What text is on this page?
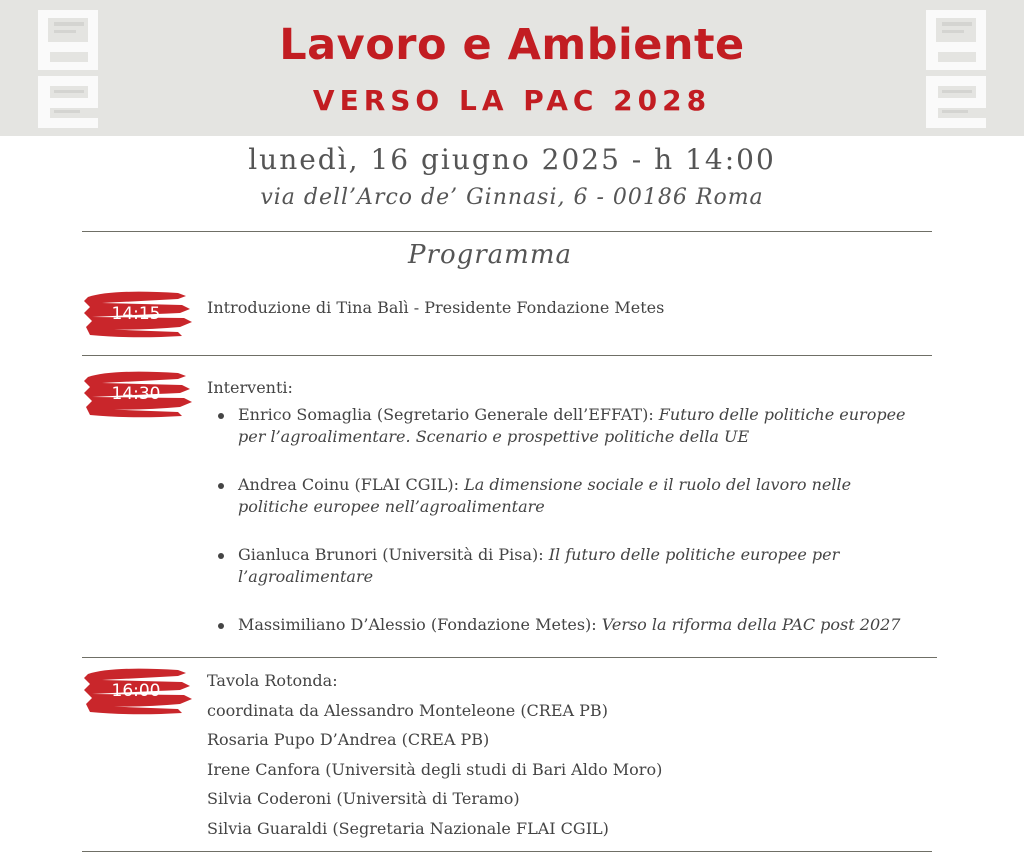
Lavoro e Ambiente
VERSO LA PAC 2028
lunedì, 16 giugno 2025 - h 14:00
via dell’Arco de’ Ginnasi, 6 - 00186 Roma
Programma
14:15	Introduzione di Tina Balì - Presidente Fondazione Metes
14:30	Interventi:
Enrico Somaglia (Segretario Generale dell’EFFAT): Futuro delle politiche europee per l’agroalimentare. Scenario e prospettive politiche della UE
Andrea Coinu (FLAI CGIL): La dimensione sociale e il ruolo del lavoro nelle politiche europee nell’agroalimentare
Gianluca Brunori (Università di Pisa): Il futuro delle politiche europee per l’agroalimentare
Massimiliano D’Alessio (Fondazione Metes): Verso la riforma della PAC post 2027
16:00
Tavola Rotonda:
coordinata da Alessandro Monteleone (CREA PB)
Rosaria Pupo D’Andrea (CREA PB)
Irene Canfora (Università degli studi di Bari Aldo Moro)
Silvia Coderoni (Università di Teramo)
Silvia Guaraldi (Segretaria Nazionale FLAI CGIL)
